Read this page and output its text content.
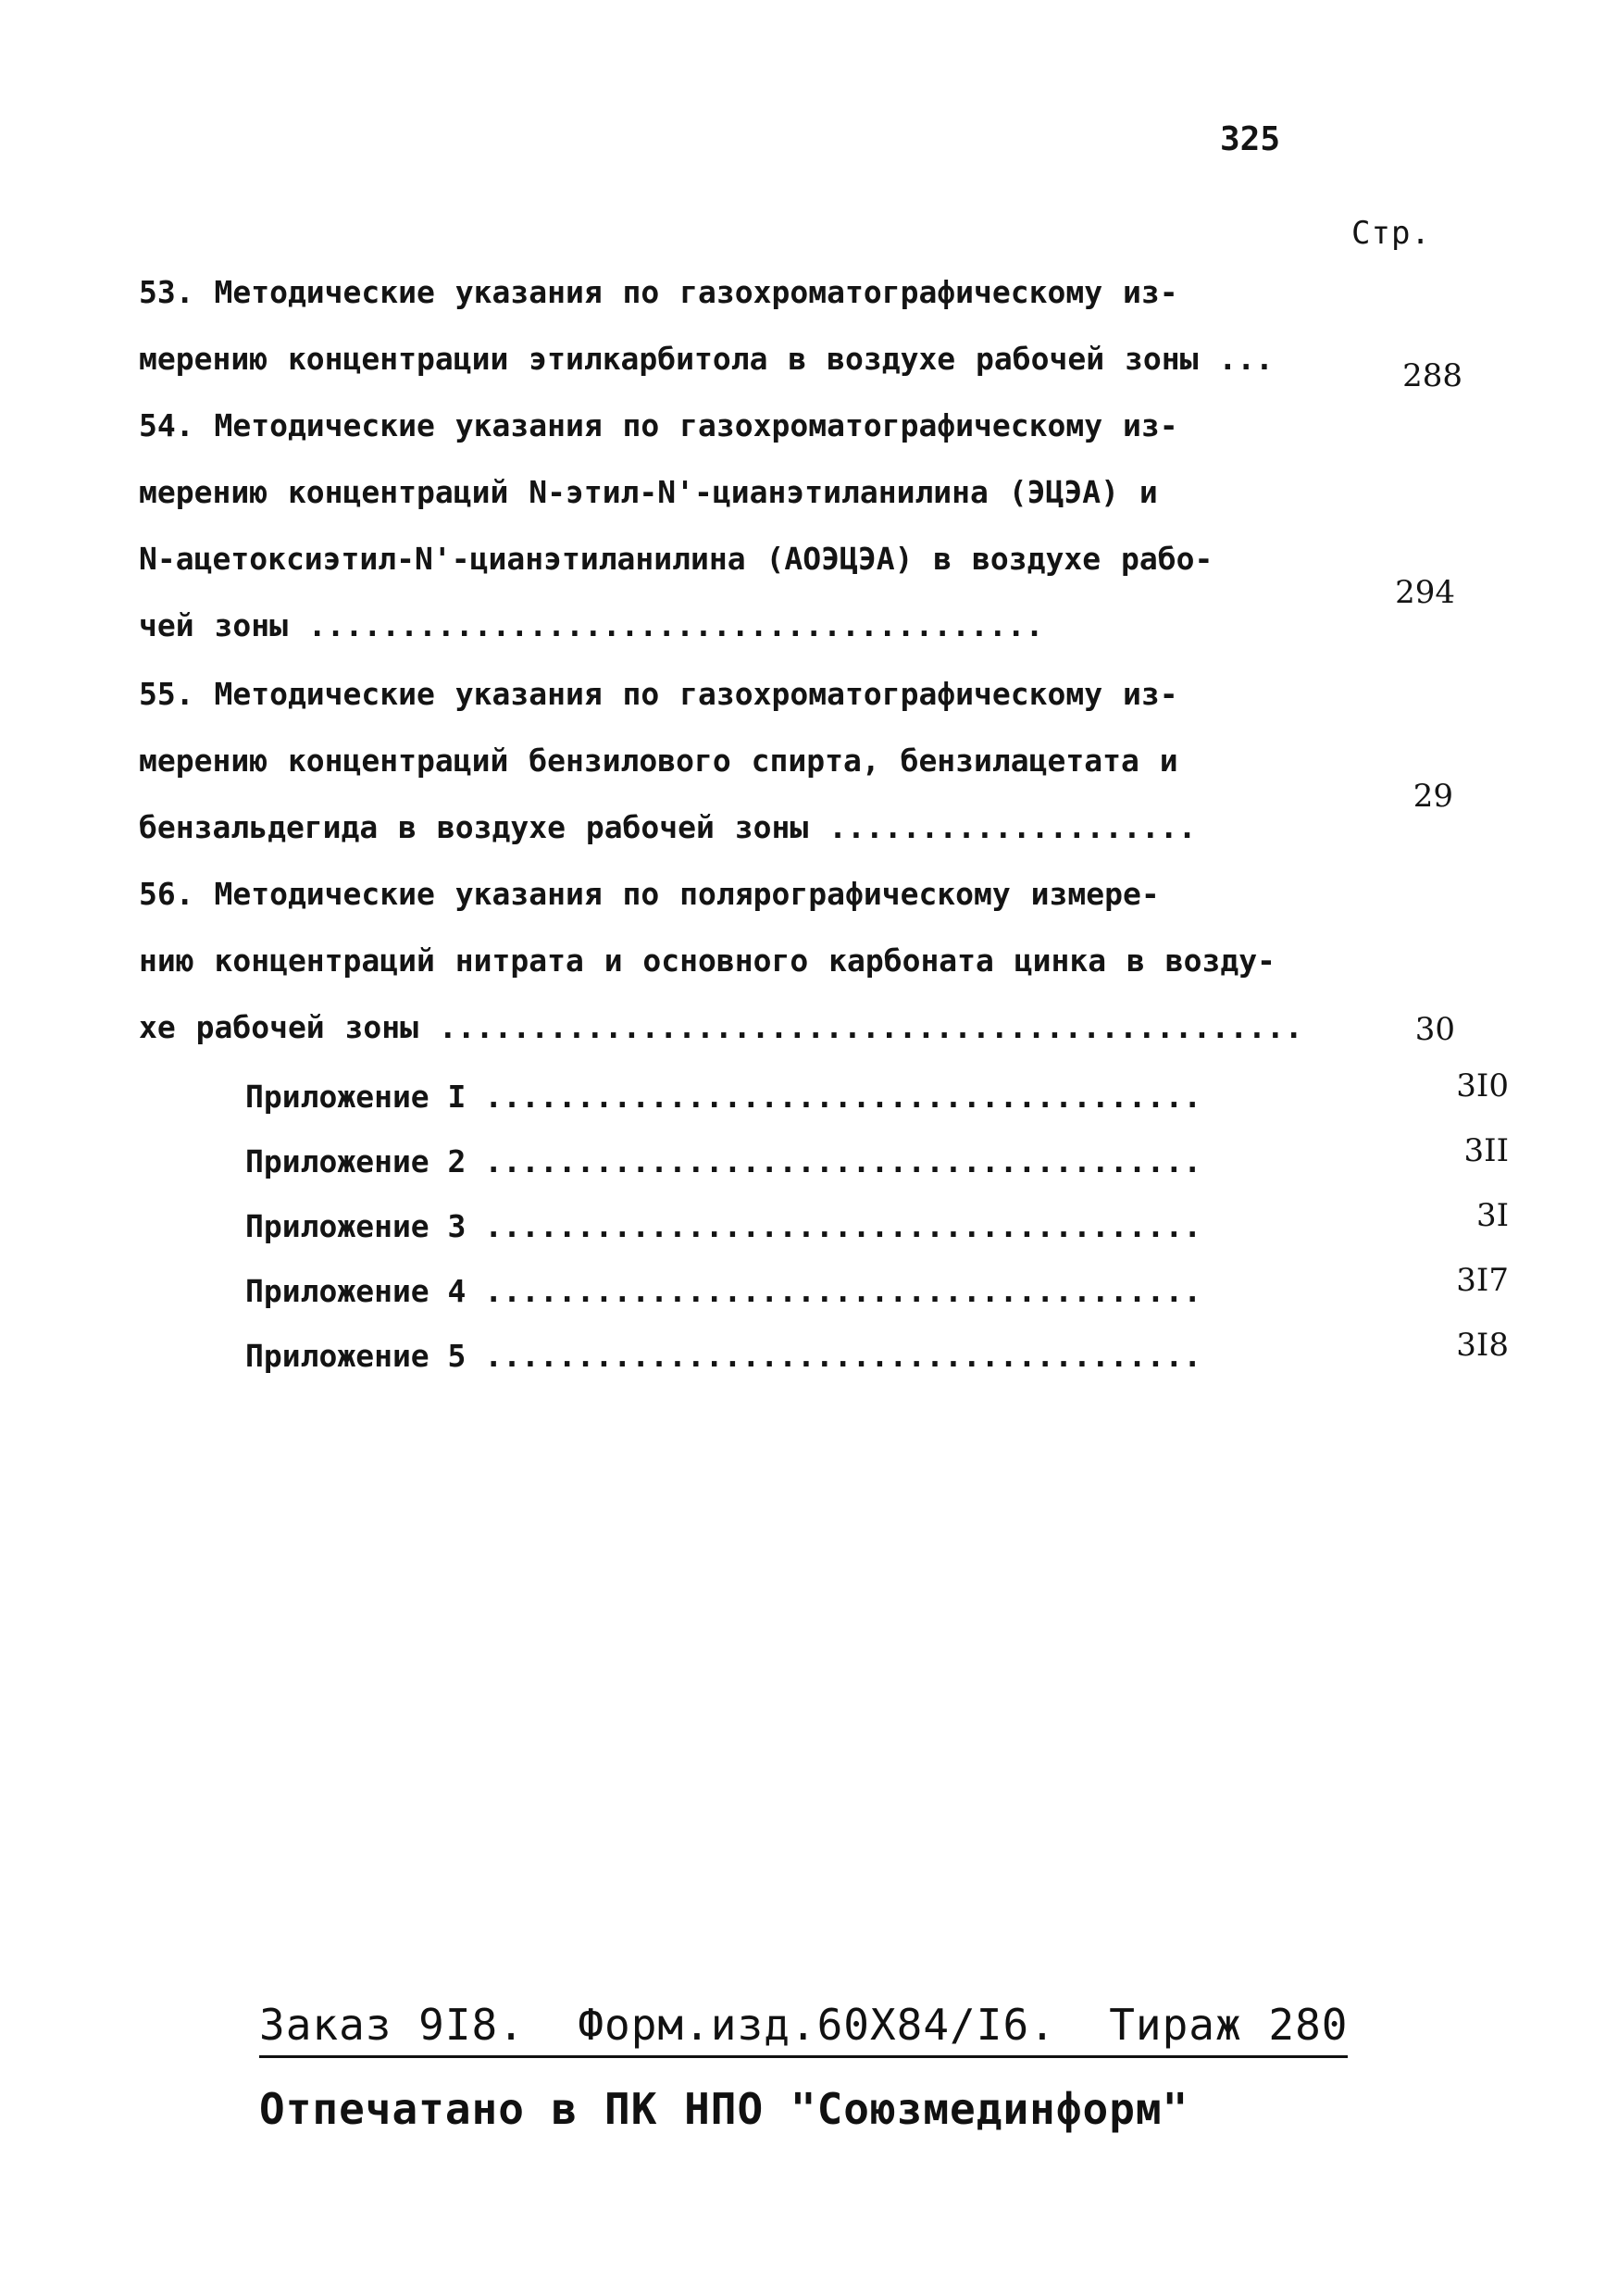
325
Стр.
53. Методические указания по газохроматографическому из-
мерению концентрации этилкарбитола в воздухе рабочей зоны ...	288
54. Методические указания по газохроматографическому из-
мерению концентраций N-этил-N'-цианэтиланилина (ЭЦЭА) и
N-ацетоксиэтил-N'-цианэтиланилина (АОЭЦЭА) в воздухе рабо-
чей зоны ........................................
294
55. Методические указания по газохроматографическому из-
мерению концентраций бензилового спирта, бензилацетата и
бензальдегида в воздухе рабочей зоны ....................
29
56. Методические указания по полярографическому измере-
нию концентраций нитрата и основного карбоната цинка в возду-
хе рабочей зоны ...............................................	30
Приложение I .......................................	3I0
Приложение 2 .......................................	3II
Приложение 3 .......................................	3I
Приложение 4 .......................................	3I7
Приложение 5 .......................................	3I8
Заказ 9I8.  Форм.изд.60Х84/I6.  Тираж 280
Отпечатано в ПК НПО "Союзмединформ"
